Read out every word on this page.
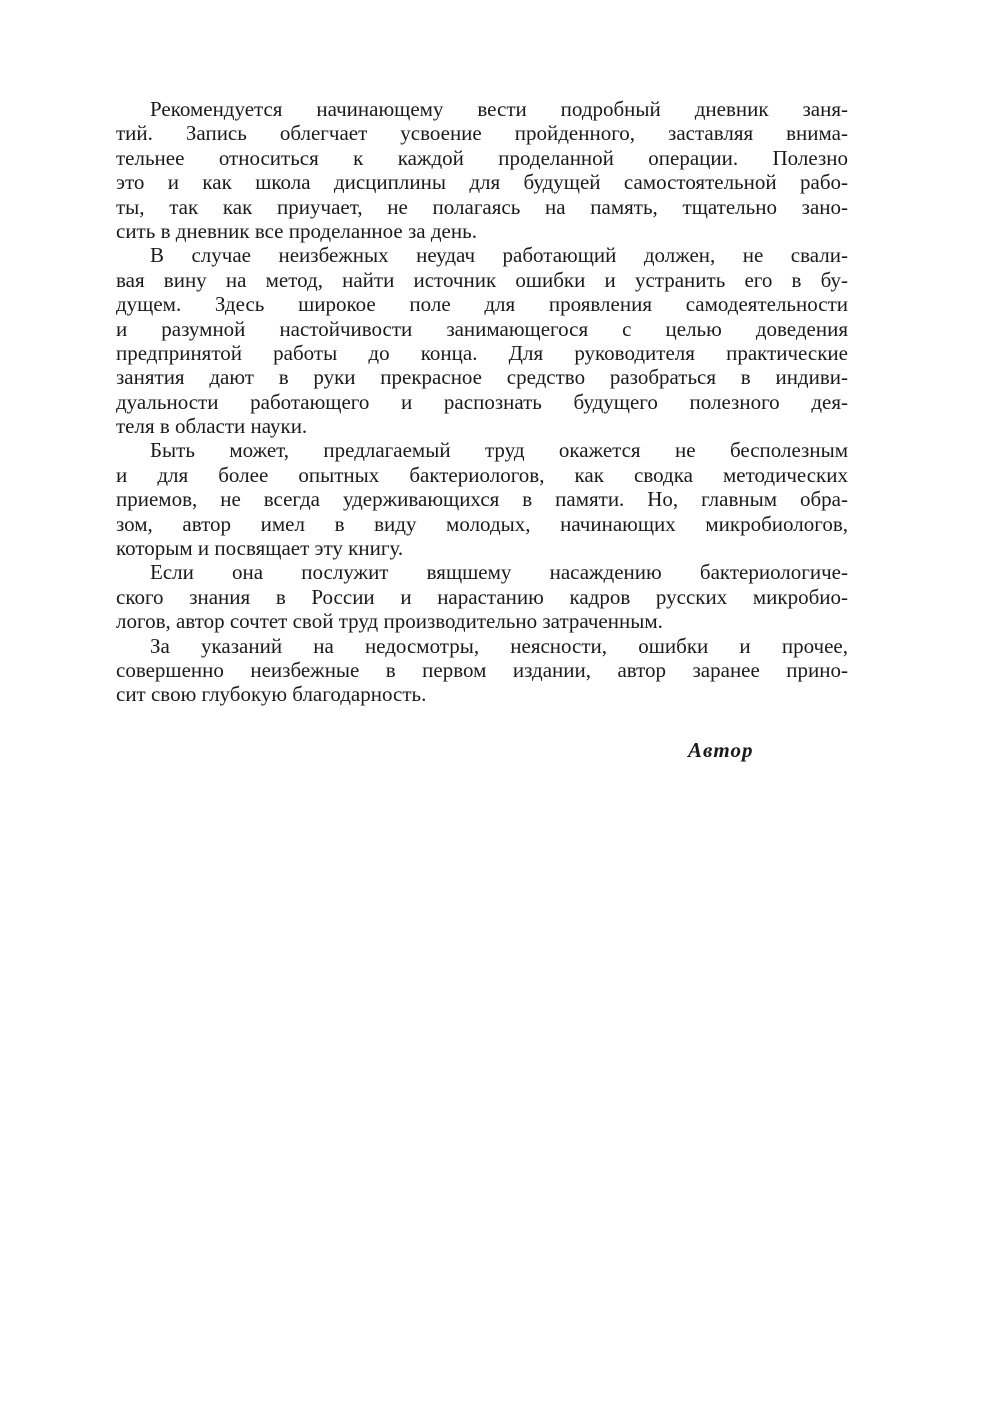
Рекомендуется начинающему вести подробный дневник заня-
тий. Запись облегчает усвоение пройденного, заставляя внима-
тельнее относиться к каждой проделанной операции. Полезно
это и как школа дисциплины для будущей самостоятельной рабо-
ты, так как приучает, не полагаясь на память, тщательно зано-
сить в дневник все проделанное за день.
В случае неизбежных неудач работающий должен, не свали-
вая вину на метод, найти источник ошибки и устранить его в бу-
дущем. Здесь широкое поле для проявления самодеятельности
и разумной настойчивости занимающегося с целью доведения
предпринятой работы до конца. Для руководителя практические
занятия дают в руки прекрасное средство разобраться в индиви-
дуальности работающего и распознать будущего полезного дея-
теля в области науки.
Быть может, предлагаемый труд окажется не бесполезным
и для более опытных бактериологов, как сводка методических
приемов, не всегда удерживающихся в памяти. Но, главным обра-
зом, автор имел в виду молодых, начинающих микробиологов,
которым и посвящает эту книгу.
Если она послужит вящшему насаждению бактериологиче-
ского знания в России и нарастанию кадров русских микробио-
логов, автор сочтет свой труд производительно затраченным.
За указаний на недосмотры, неясности, ошибки и прочее,
совершенно неизбежные в первом издании, автор заранее прино-
сит свою глубокую благодарность.
Автор
